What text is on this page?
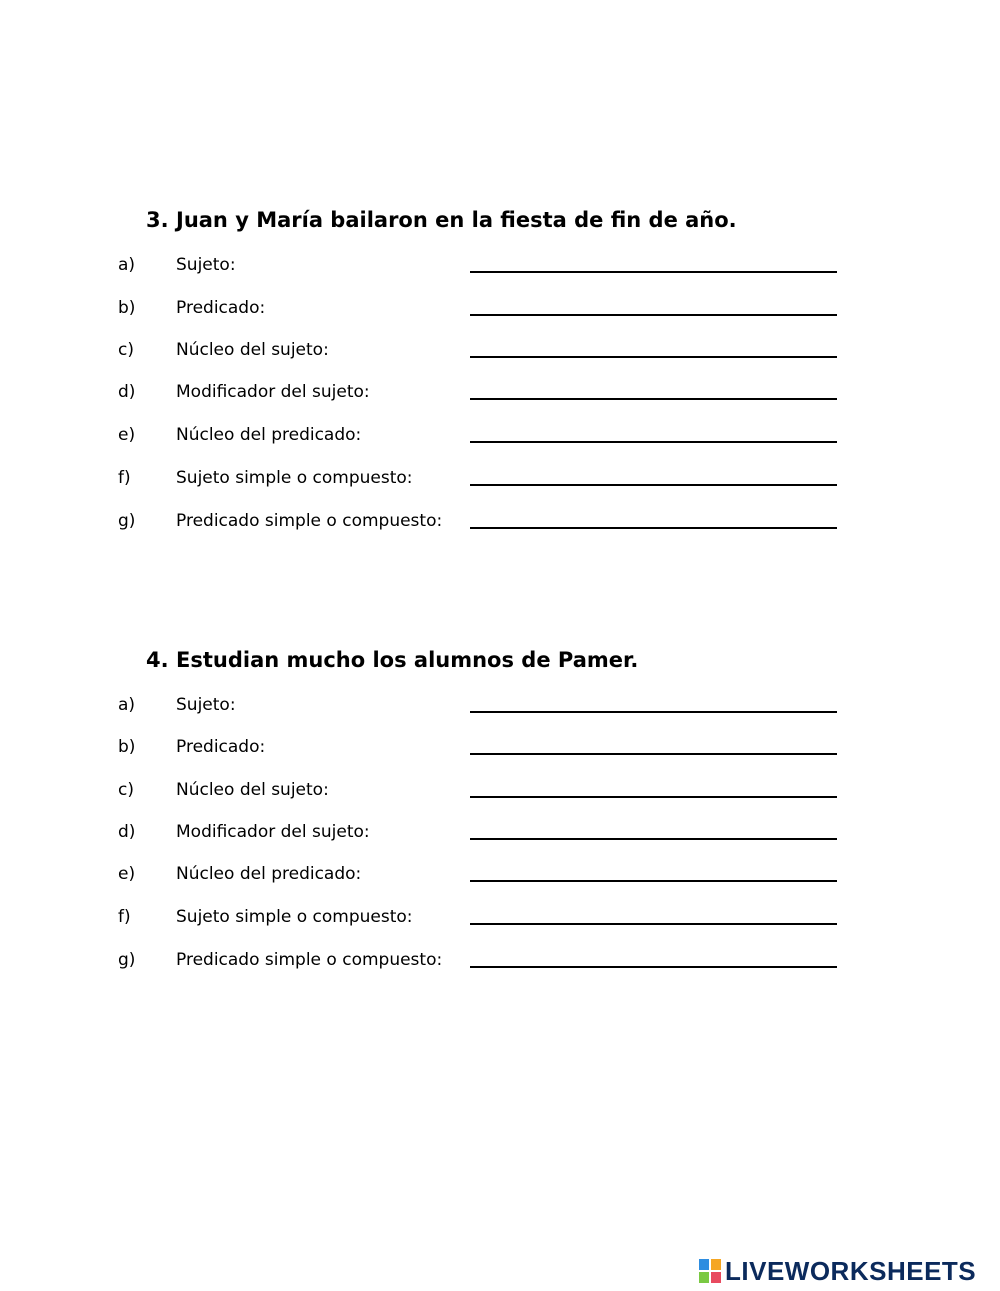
3. Juan y María bailaron en la fiesta de fin de año.
a) Sujeto:
b) Predicado:
c) Núcleo del sujeto:
d) Modificador del sujeto:
e) Núcleo del predicado:
f)	Sujeto simple o compuesto:
g) Predicado simple o compuesto:
4. Estudian mucho los alumnos de Pamer.
a) Sujeto:
b) Predicado:
c) Núcleo del sujeto:
d) Modificador del sujeto:
e) Núcleo del predicado:
f)	Sujeto simple o compuesto:
g) Predicado simple o compuesto:
LIVEWORKSHEETS
